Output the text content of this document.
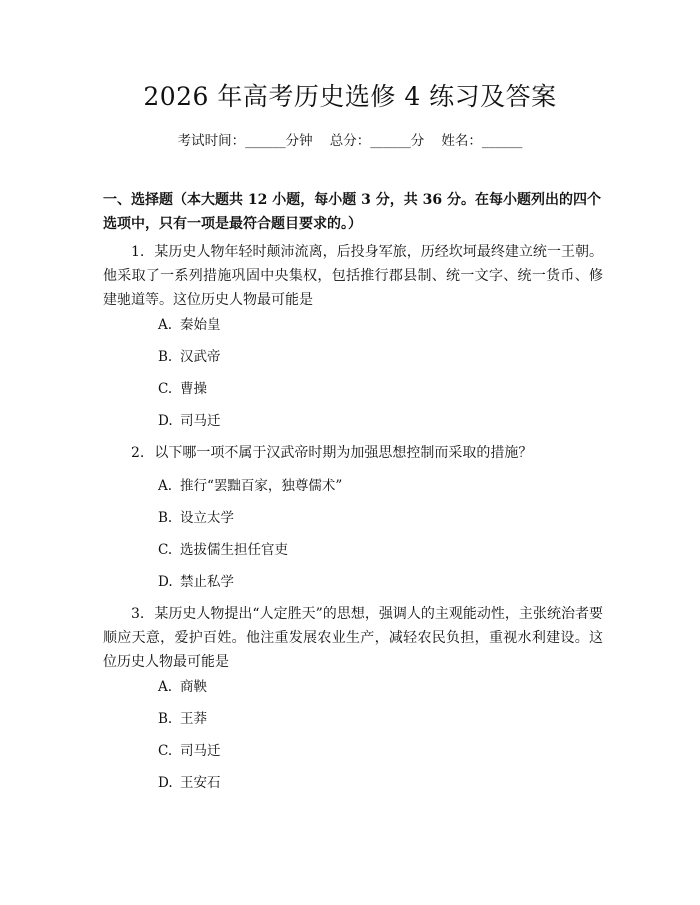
2026 年高考历史选修 4 练习及答案
考试时间：______分钟    总分：______分    姓名：______
一、选择题（本大题共 12 小题，每小题 3 分，共 36 分。在每小题列出的四个选项中，只有一项是最符合题目要求的。）
1. 某历史人物年轻时颠沛流离，后投身军旅，历经坎坷最终建立统一王朝。他采取了一系列措施巩固中央集权，包括推行郡县制、统一文字、统一货币、修建驰道等。这位历史人物最可能是
A. 秦始皇
B. 汉武帝
C. 曹操
D. 司马迁
2. 以下哪一项不属于汉武帝时期为加强思想控制而采取的措施？
A. 推行“罢黜百家，独尊儒术”
B. 设立太学
C. 选拔儒生担任官吏
D. 禁止私学
3. 某历史人物提出“人定胜天”的思想，强调人的主观能动性，主张统治者要顺应天意，爱护百姓。他注重发展农业生产，减轻农民负担，重视水利建设。这位历史人物最可能是
A. 商鞅
B. 王莽
C. 司马迁
D. 王安石
